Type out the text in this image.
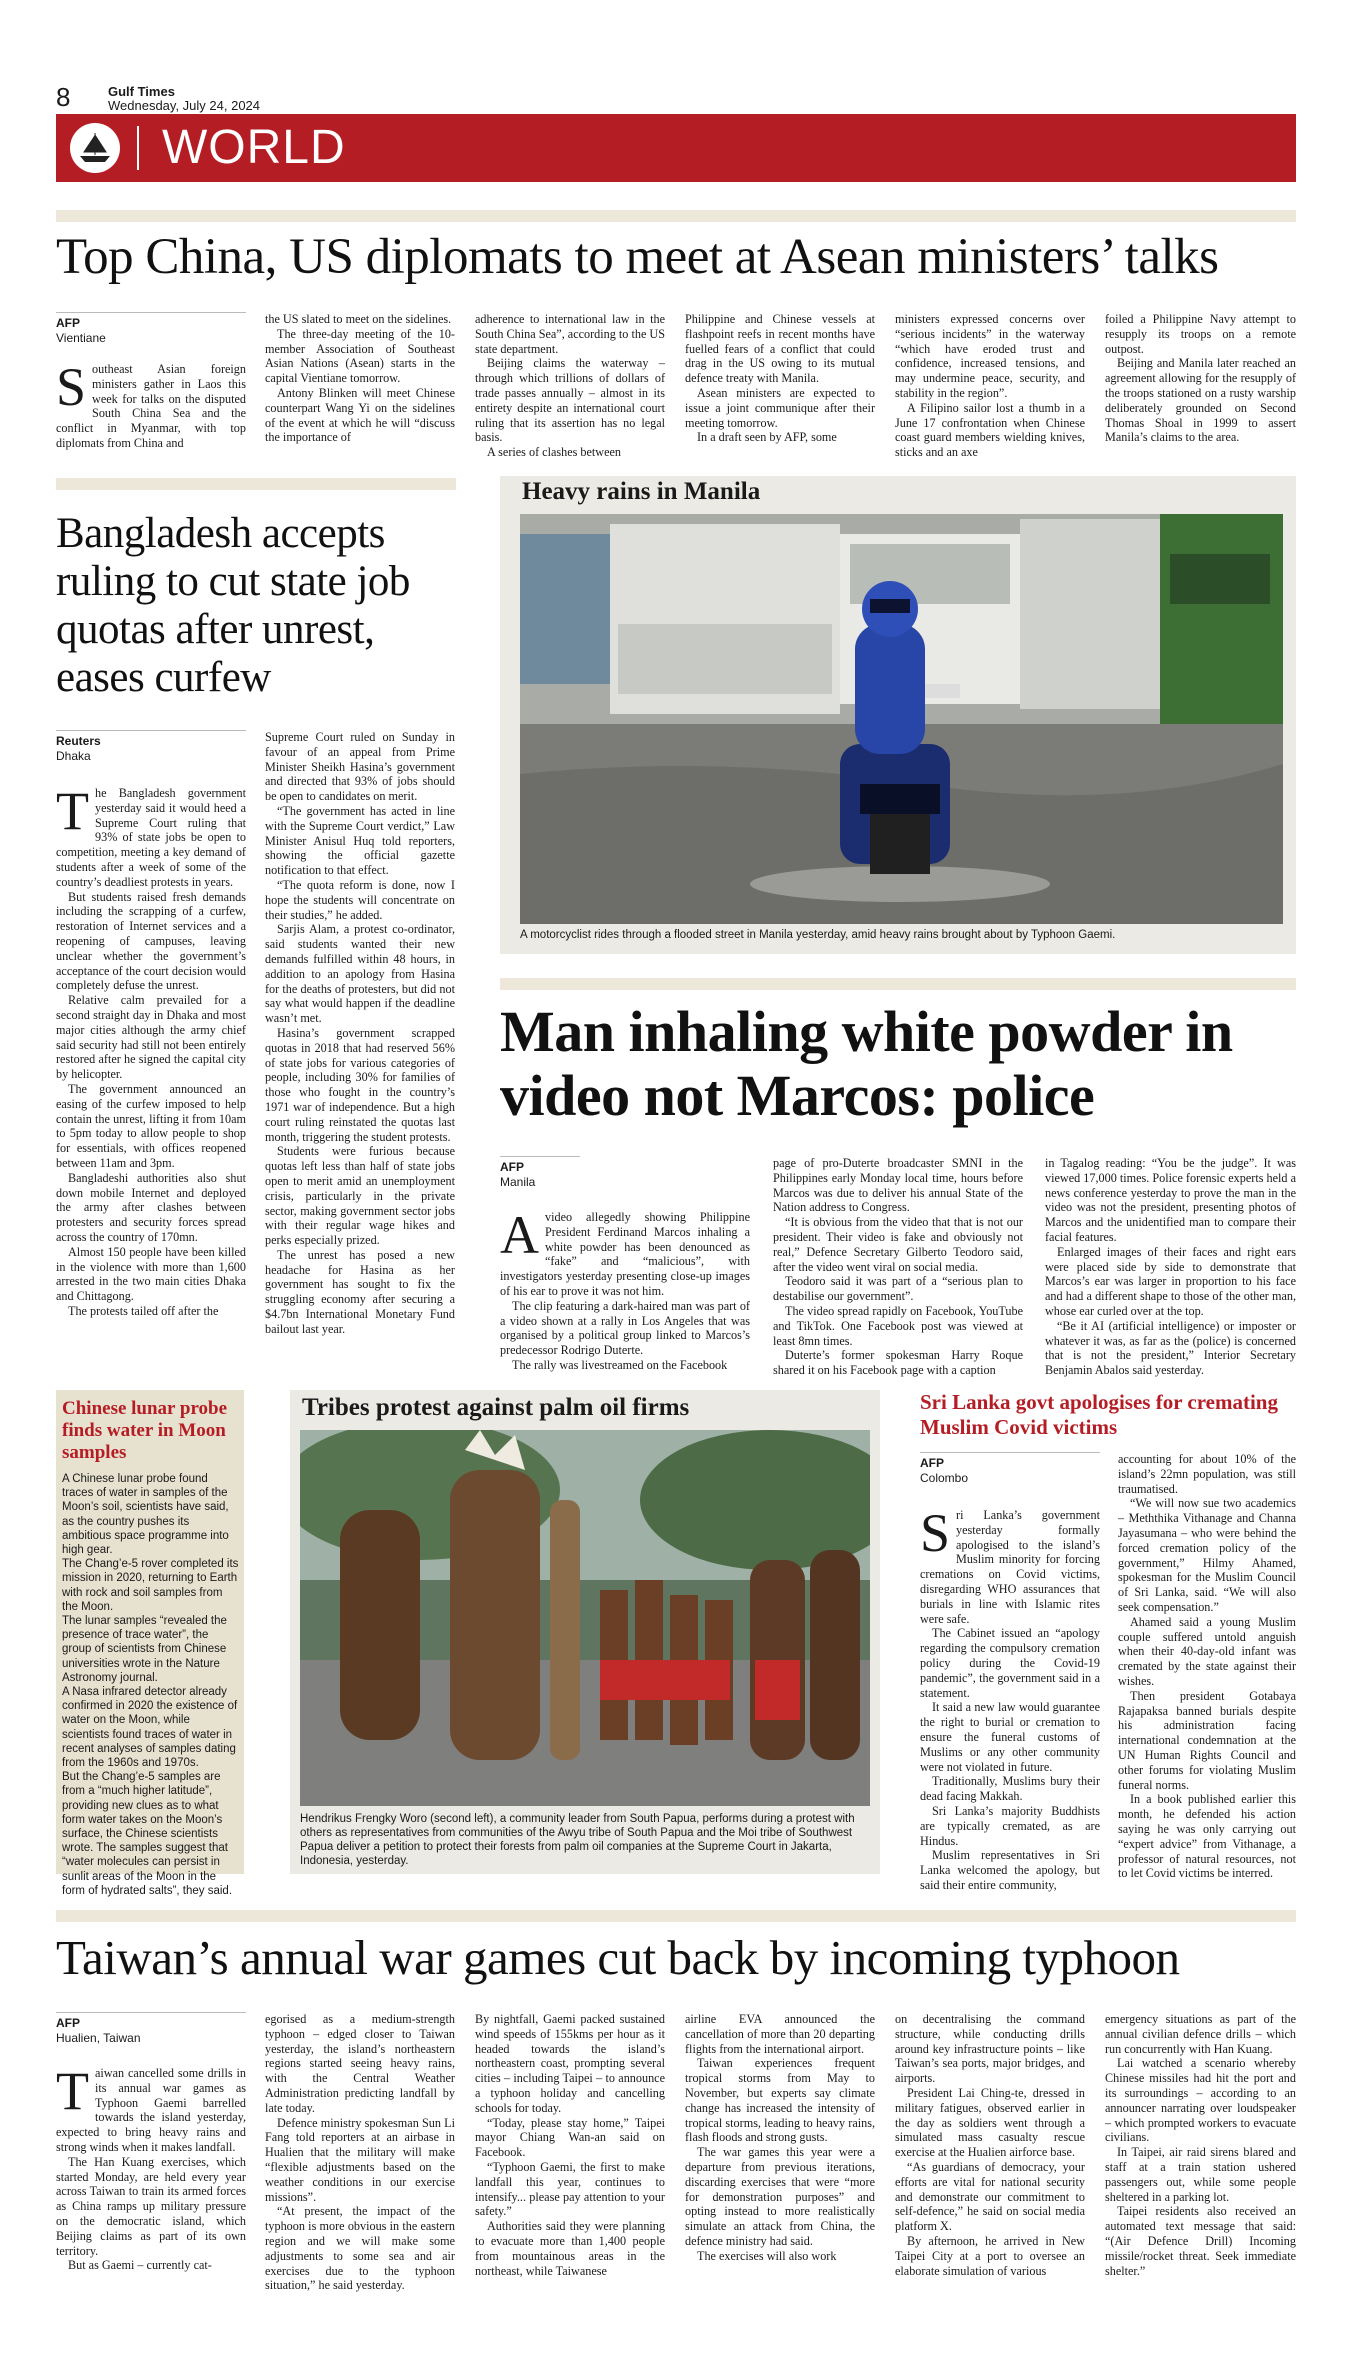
8	Gulf Times
Wednesday, July 24, 2024
WORLD
Top China, US diplomats to meet at Asean ministers’ talks
AFP
Vientiane
S outheast Asian foreign ministers gather in Laos this week for talks on the disputed South China Sea and the conflict in Myanmar, with top diplomats from China and

the US slated to meet on the sidelines.

The three-day meeting of the 10-member Association of Southeast Asian Nations (Asean) starts in the capital Vientiane tomorrow.

Antony Blinken will meet Chinese counterpart Wang Yi on the sidelines of the event at which he will “discuss the importance of

adherence to international law in the South China Sea”, according to the US state department.

Beijing claims the waterway – through which trillions of dollars of trade passes annually – almost in its entirety despite an international court ruling that its assertion has no legal basis.

A series of clashes between

Philippine and Chinese vessels at flashpoint reefs in recent months have fuelled fears of a conflict that could drag in the US owing to its mutual defence treaty with Manila.

Asean ministers are expected to issue a joint communique after their meeting tomorrow.

In a draft seen by AFP, some

ministers expressed concerns over “serious incidents” in the waterway “which have eroded trust and confidence, increased tensions, and may undermine peace, security, and stability in the region”.

A Filipino sailor lost a thumb in a June 17 confrontation when Chinese coast guard members wielding knives, sticks and an axe

foiled a Philippine Navy attempt to resupply its troops on a remote outpost.

Beijing and Manila later reached an agreement allowing for the resupply of the troops stationed on a rusty warship deliberately grounded on Second Thomas Shoal in 1999 to assert Manila’s claims to the area.

Bangladesh accepts ruling to cut state job quotas after unrest, eases curfew
Reuters
Dhaka

The Bangladesh government yesterday said it would heed a Supreme Court ruling that 93% of state jobs be open to competition, meeting a key demand of students after a week of some of the country’s deadliest protests in years.

But students raised fresh demands including the scrapping of a curfew, restoration of Internet services and a reopening of campuses, leaving unclear whether the government’s acceptance of the court decision would completely defuse the unrest.

Relative calm prevailed for a second straight day in Dhaka and most major cities although the army chief said security had still not been entirely restored after he signed the capital city by helicopter.

The government announced an easing of the curfew imposed to help contain the unrest, lifting it from 10am to 5pm today to allow people to shop for essentials, with offices reopened between 11am and 3pm.

Bangladeshi authorities also shut down mobile Internet and deployed the army after clashes between protesters and security forces spread across the country of 170mn.

Almost 150 people have been killed in the violence with more than 1,600 arrested in the two main cities Dhaka and Chittagong.

The protests tailed off after the

Supreme Court ruled on Sunday in favour of an appeal from Prime Minister Sheikh Hasina’s government and directed that 93% of jobs should be open to candidates on merit.

“The government has acted in line with the Supreme Court verdict,” Law Minister Anisul Huq told reporters, showing the official gazette notification to that effect.

“The quota reform is done, now I hope the students will concentrate on their studies,” he added.

Sarjis Alam, a protest co-ordinator, said students wanted their new demands fulfilled within 48 hours, in addition to an apology from Hasina for the deaths of protesters, but did not say what would happen if the deadline wasn’t met.

Hasina’s government scrapped quotas in 2018 that had reserved 56% of state jobs for various categories of people, including 30% for families of those who fought in the country’s 1971 war of independence. But a high court ruling reinstated the quotas last month, triggering the student protests.

Students were furious because quotas left less than half of state jobs open to merit amid an unemployment crisis, particularly in the private sector, making government sector jobs with their regular wage hikes and perks especially prized.

The unrest has posed a new headache for Hasina as her government has sought to fix the struggling economy after securing a $4.7bn International Monetary Fund bailout last year.

Heavy rains in Manila
A motorcyclist rides through a flooded street in Manila yesterday, amid heavy rains brought about by Typhoon Gaemi.
Man inhaling white powder in video not Marcos: police
AFP
Manila

Avideo allegedly showing Philippine President Ferdinand Marcos inhaling a white powder has been denounced as “fake” and “malicious”, with investigators yesterday presenting close-up images of his ear to prove it was not him.

The clip featuring a dark-haired man was part of a video shown at a rally in Los Angeles that was organised by a political group linked to Marcos’s predecessor Rodrigo Duterte.

The rally was livestreamed on the Facebook

page of pro-Duterte broadcaster SMNI in the Philippines early Monday local time, hours before Marcos was due to deliver his annual State of the Nation address to Congress.

“It is obvious from the video that that is not our president. Their video is fake and obviously not real,” Defence Secretary Gilberto Teodoro said, after the video went viral on social media.

Teodoro said it was part of a “serious plan to destabilise our government”.

The video spread rapidly on Facebook, YouTube and TikTok. One Facebook post was viewed at least 8mn times.

Duterte’s former spokesman Harry Roque shared it on his Facebook page with a caption

in Tagalog reading: “You be the judge”. It was viewed 17,000 times. Police forensic experts held a news conference yesterday to prove the man in the video was not the president, presenting photos of Marcos and the unidentified man to compare their facial features.

Enlarged images of their faces and right ears were placed side by side to demonstrate that Marcos’s ear was larger in proportion to his face and had a different shape to those of the other man, whose ear curled over at the top.

“Be it AI (artificial intelligence) or imposter or whatever it was, as far as the (police) is concerned that is not the president,” Interior Secretary Benjamin Abalos said yesterday.

Chinese lunar probe finds water in Moon samples

A Chinese lunar probe found traces of water in samples of the Moon’s soil, scientists have said, as the country pushes its ambitious space programme into high gear.

The Chang’e-5 rover completed its mission in 2020, returning to Earth with rock and soil samples from the Moon.

The lunar samples “revealed the presence of trace water”, the group of scientists from Chinese universities wrote in the Nature Astronomy journal.

A Nasa infrared detector already confirmed in 2020 the existence of water on the Moon, while scientists found traces of water in recent analyses of samples dating from the 1960s and 1970s.

But the Chang’e-5 samples are from a “much higher latitude”, providing new clues as to what form water takes on the Moon’s surface, the Chinese scientists wrote. The samples suggest that “water molecules can persist in sunlit areas of the Moon in the form of hydrated salts”, they said.

Tribes protest against palm oil firms
Hendrikus Frengky Woro (second left), a community leader from South Papua, performs during a protest with others as representatives from communities of the Awyu tribe of South Papua and the Moi tribe of Southwest Papua deliver a petition to protect their forests from palm oil companies at the Supreme Court in Jakarta, Indonesia, yesterday.
Sri Lanka govt apologises for cremating Muslim Covid victims
AFP
Colombo

Sri Lanka’s government yesterday formally apologised to the island’s Muslim minority for forcing cremations on Covid victims, disregarding WHO assurances that burials in line with Islamic rites were safe.

The Cabinet issued an “apology regarding the compulsory cremation policy during the Covid-19 pandemic”, the government said in a statement.

It said a new law would guarantee the right to burial or cremation to ensure the funeral customs of Muslims or any other community were not violated in future.

Traditionally, Muslims bury their dead facing Makkah.

Sri Lanka’s majority Buddhists are typically cremated, as are Hindus.

Muslim representatives in Sri Lanka welcomed the apology, but said their entire community,

accounting for about 10% of the island’s 22mn population, was still traumatised.

“We will now sue two academics – Meththika Vithanage and Channa Jayasumana – who were behind the forced cremation policy of the government,” Hilmy Ahamed, spokesman for the Muslim Council of Sri Lanka, said. “We will also seek compensation.”

Ahamed said a young Muslim couple suffered untold anguish when their 40-day-old infant was cremated by the state against their wishes.

Then president Gotabaya Rajapaksa banned burials despite his administration facing international condemnation at the UN Human Rights Council and other forums for violating Muslim funeral norms.

In a book published earlier this month, he defended his action saying he was only carrying out “expert advice” from Vithanage, a professor of natural resources, not to let Covid victims be interred.

Taiwan’s annual war games cut back by incoming typhoon
AFP
Hualien, Taiwan

Taiwan cancelled some drills in its annual war games as Typhoon Gaemi barrelled towards the island yesterday, expected to bring heavy rains and strong winds when it makes landfall.

The Han Kuang exercises, which started Monday, are held every year across Taiwan to train its armed forces as China ramps up military pressure on the democratic island, which Beijing claims as part of its own territory.

But as Gaemi – currently cat-

egorised as a medium-strength typhoon – edged closer to Taiwan yesterday, the island’s northeastern regions started seeing heavy rains, with the Central Weather Administration predicting landfall by late today.

Defence ministry spokesman Sun Li Fang told reporters at an airbase in Hualien that the military will make “flexible adjustments based on the weather conditions in our exercise missions”.

“At present, the impact of the typhoon is more obvious in the eastern region and we will make some adjustments to some sea and air exercises due to the typhoon situation,” he said yesterday.

By nightfall, Gaemi packed sustained wind speeds of 155kms per hour as it headed towards the island’s northeastern coast, prompting several cities – including Taipei – to announce a typhoon holiday and cancelling schools for today.

“Today, please stay home,” Taipei mayor Chiang Wan-an said on Facebook.

“Typhoon Gaemi, the first to make landfall this year, continues to intensify... please pay attention to your safety.”

Authorities said they were planning to evacuate more than 1,400 people from mountainous areas in the northeast, while Taiwanese

airline EVA announced the cancellation of more than 20 departing flights from the international airport.

Taiwan experiences frequent tropical storms from May to November, but experts say climate change has increased the intensity of tropical storms, leading to heavy rains, flash floods and strong gusts.

The war games this year were a departure from previous iterations, discarding exercises that were “more for demonstration purposes” and opting instead to more realistically simulate an attack from China, the defence ministry had said.

The exercises will also work

on decentralising the command structure, while conducting drills around key infrastructure points – like Taiwan’s sea ports, major bridges, and airports.

President Lai Ching-te, dressed in military fatigues, observed earlier in the day as soldiers went through a simulated mass casualty rescue exercise at the Hualien airforce base.

“As guardians of democracy, your efforts are vital for national security and demonstrate our commitment to self-defence,” he said on social media platform X.

By afternoon, he arrived in New Taipei City at a port to oversee an elaborate simulation of various

emergency situations as part of the annual civilian defence drills – which run concurrently with Han Kuang.

Lai watched a scenario whereby Chinese missiles had hit the port and its surroundings – according to an announcer narrating over loudspeaker – which prompted workers to evacuate civilians.

In Taipei, air raid sirens blared and staff at a train station ushered passengers out, while some people sheltered in a parking lot.

Taipei residents also received an automated text message that said: “(Air Defence Drill) Incoming missile/rocket threat. Seek immediate shelter.”
